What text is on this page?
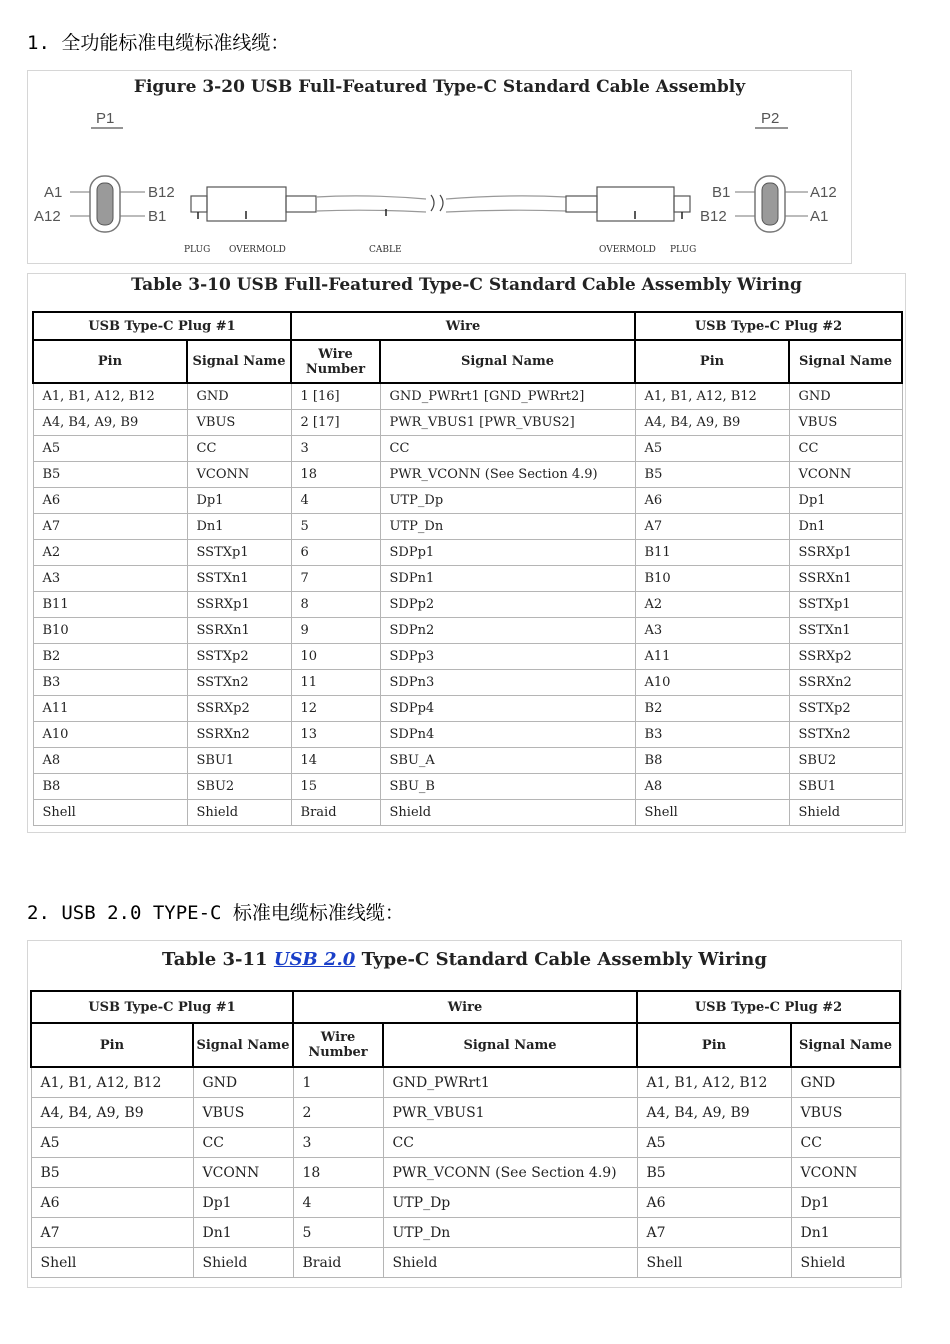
1. 全功能标准电缆标准线缆：
Figure 3-20 USB Full-Featured Type-C Standard Cable Assembly
P1	P2
A1
A12
B12
B1
B1
B12
A12
A1
PLUG OVERMOLD	CABLE	OVERMOLD PLUG
Table 3-10 USB Full-Featured Type-C Standard Cable Assembly Wiring
USB Type-C Plug #1		Wire		USB Type-C Plug #2	
Pin	Signal Name	Wire Number	Signal Name	Pin	Signal Name
A1, B1, A12, B12	GND	1 [16]	GND_PWRrt1 [GND_PWRrt2]	A1, B1, A12, B12	GND
A4, B4, A9, B9	VBUS	2 [17]	PWR_VBUS1 [PWR_VBUS2]	A4, B4, A9, B9	VBUS
A5	CC	3	CC	A5	CC
B5	VCONN	18	PWR_VCONN (See Section 4.9)	B5	VCONN
A6	Dp1	4	UTP_Dp	A6	Dp1
A7	Dn1	5	UTP_Dn	A7	Dn1
A2	SSTXp1	6	SDPp1	B11	SSRXp1
A3	SSTXn1	7	SDPn1	B10	SSRXn1
B11	SSRXp1	8	SDPp2	A2	SSTXp1
B10	SSRXn1	9	SDPn2	A3	SSTXn1
B2	SSTXp2	10	SDPp3	A11	SSRXp2
B3	SSTXn2	11	SDPn3	A10	SSRXn2
A11	SSRXp2	12	SDPp4	B2	SSTXp2
A10	SSRXn2	13	SDPn4	B3	SSTXn2
A8	SBU1	14	SBU_A	B8	SBU2
B8	SBU2	15	SBU_B	A8	SBU1
Shell	Shield	Braid	Shield	Shell	Shield
2. USB 2.0 TYPE-C 标准电缆标准线缆：
Table 3-11 USB 2.0 Type-C Standard Cable Assembly Wiring
USB Type-C Plug #1		Wire		USB Type-C Plug #2	
Pin	Signal Name	Wire Number	Signal Name	Pin	Signal Name
A1, B1, A12, B12	GND	1	GND_PWRrt1	A1, B1, A12, B12	GND
A4, B4, A9, B9	VBUS	2	PWR_VBUS1	A4, B4, A9, B9	VBUS
A5	CC	3	CC	A5	CC
B5	VCONN	18	PWR_VCONN (See Section 4.9)	B5	VCONN
A6	Dp1	4	UTP_Dp	A6	Dp1
A7	Dn1	5	UTP_Dn	A7	Dn1
Shell	Shield	Braid	Shield	Shell	Shield
